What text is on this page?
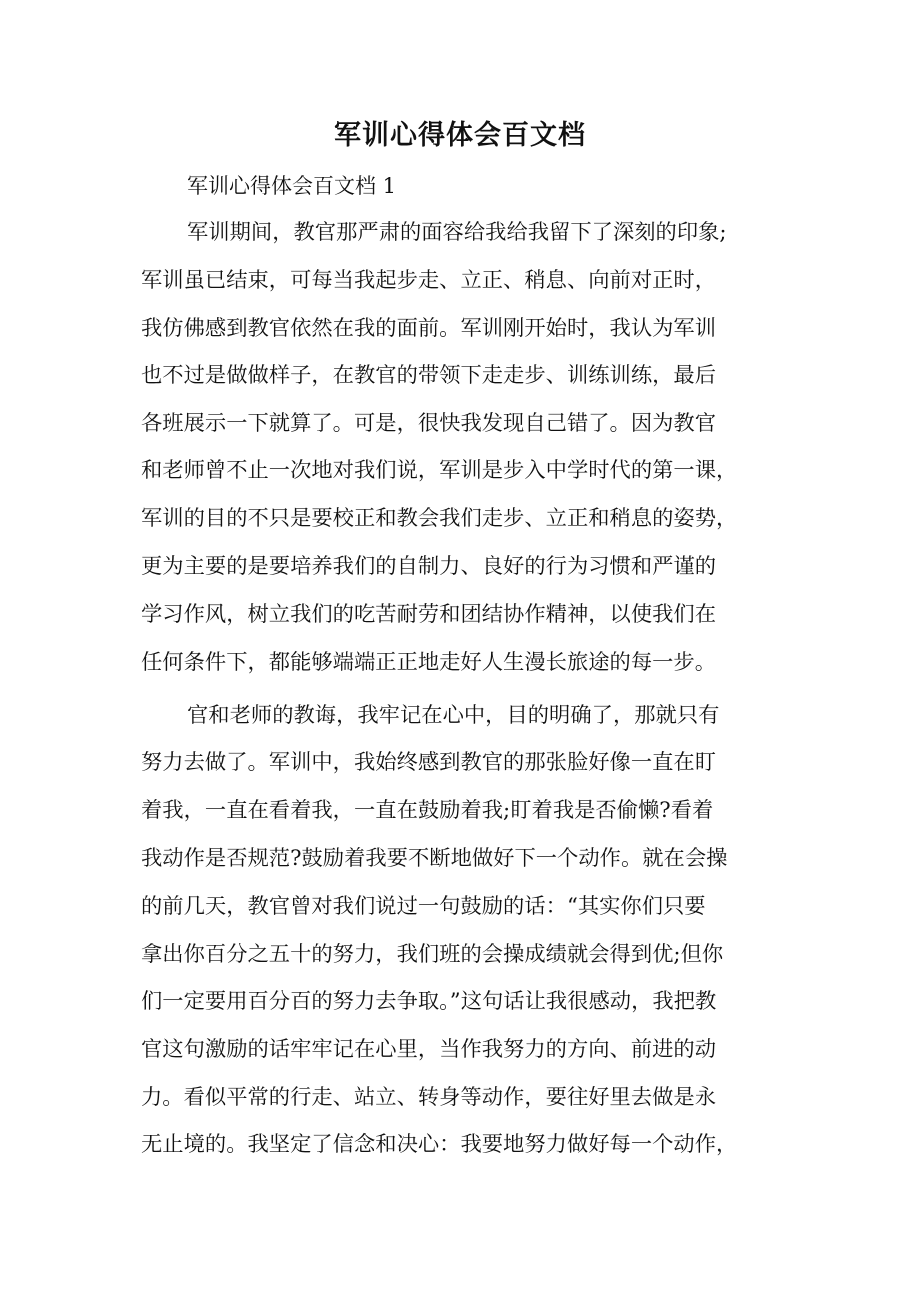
军训心得体会百文档
军训心得体会百文档 1
军训期间，教官那严肃的面容给我给我留下了深刻的印象;
军训虽已结束，可每当我起步走、立正、稍息、向前对正时，
我仿佛感到教官依然在我的面前。军训刚开始时，我认为军训
也不过是做做样子，在教官的带领下走走步、训练训练，最后
各班展示一下就算了。可是，很快我发现自己错了。因为教官
和老师曾不止一次地对我们说，军训是步入中学时代的第一课，
军训的目的不只是要校正和教会我们走步、立正和稍息的姿势，
更为主要的是要培养我们的自制力、良好的行为习惯和严谨的
学习作风，树立我们的吃苦耐劳和团结协作精神，以使我们在
任何条件下，都能够端端正正地走好人生漫长旅途的每一步。
官和老师的教诲，我牢记在心中，目的明确了，那就只有
努力去做了。军训中，我始终感到教官的那张脸好像一直在盯
着我，一直在看着我，一直在鼓励着我;盯着我是否偷懒?看着
我动作是否规范?鼓励着我要不断地做好下一个动作。就在会操
的前几天，教官曾对我们说过一句鼓励的话：“其实你们只要
拿出你百分之五十的努力，我们班的会操成绩就会得到优;但你
们一定要用百分百的努力去争取。”这句话让我很感动，我把教
官这句激励的话牢牢记在心里，当作我努力的方向、前进的动
力。看似平常的行走、站立、转身等动作，要往好里去做是永
无止境的。我坚定了信念和决心：我要地努力做好每一个动作，
